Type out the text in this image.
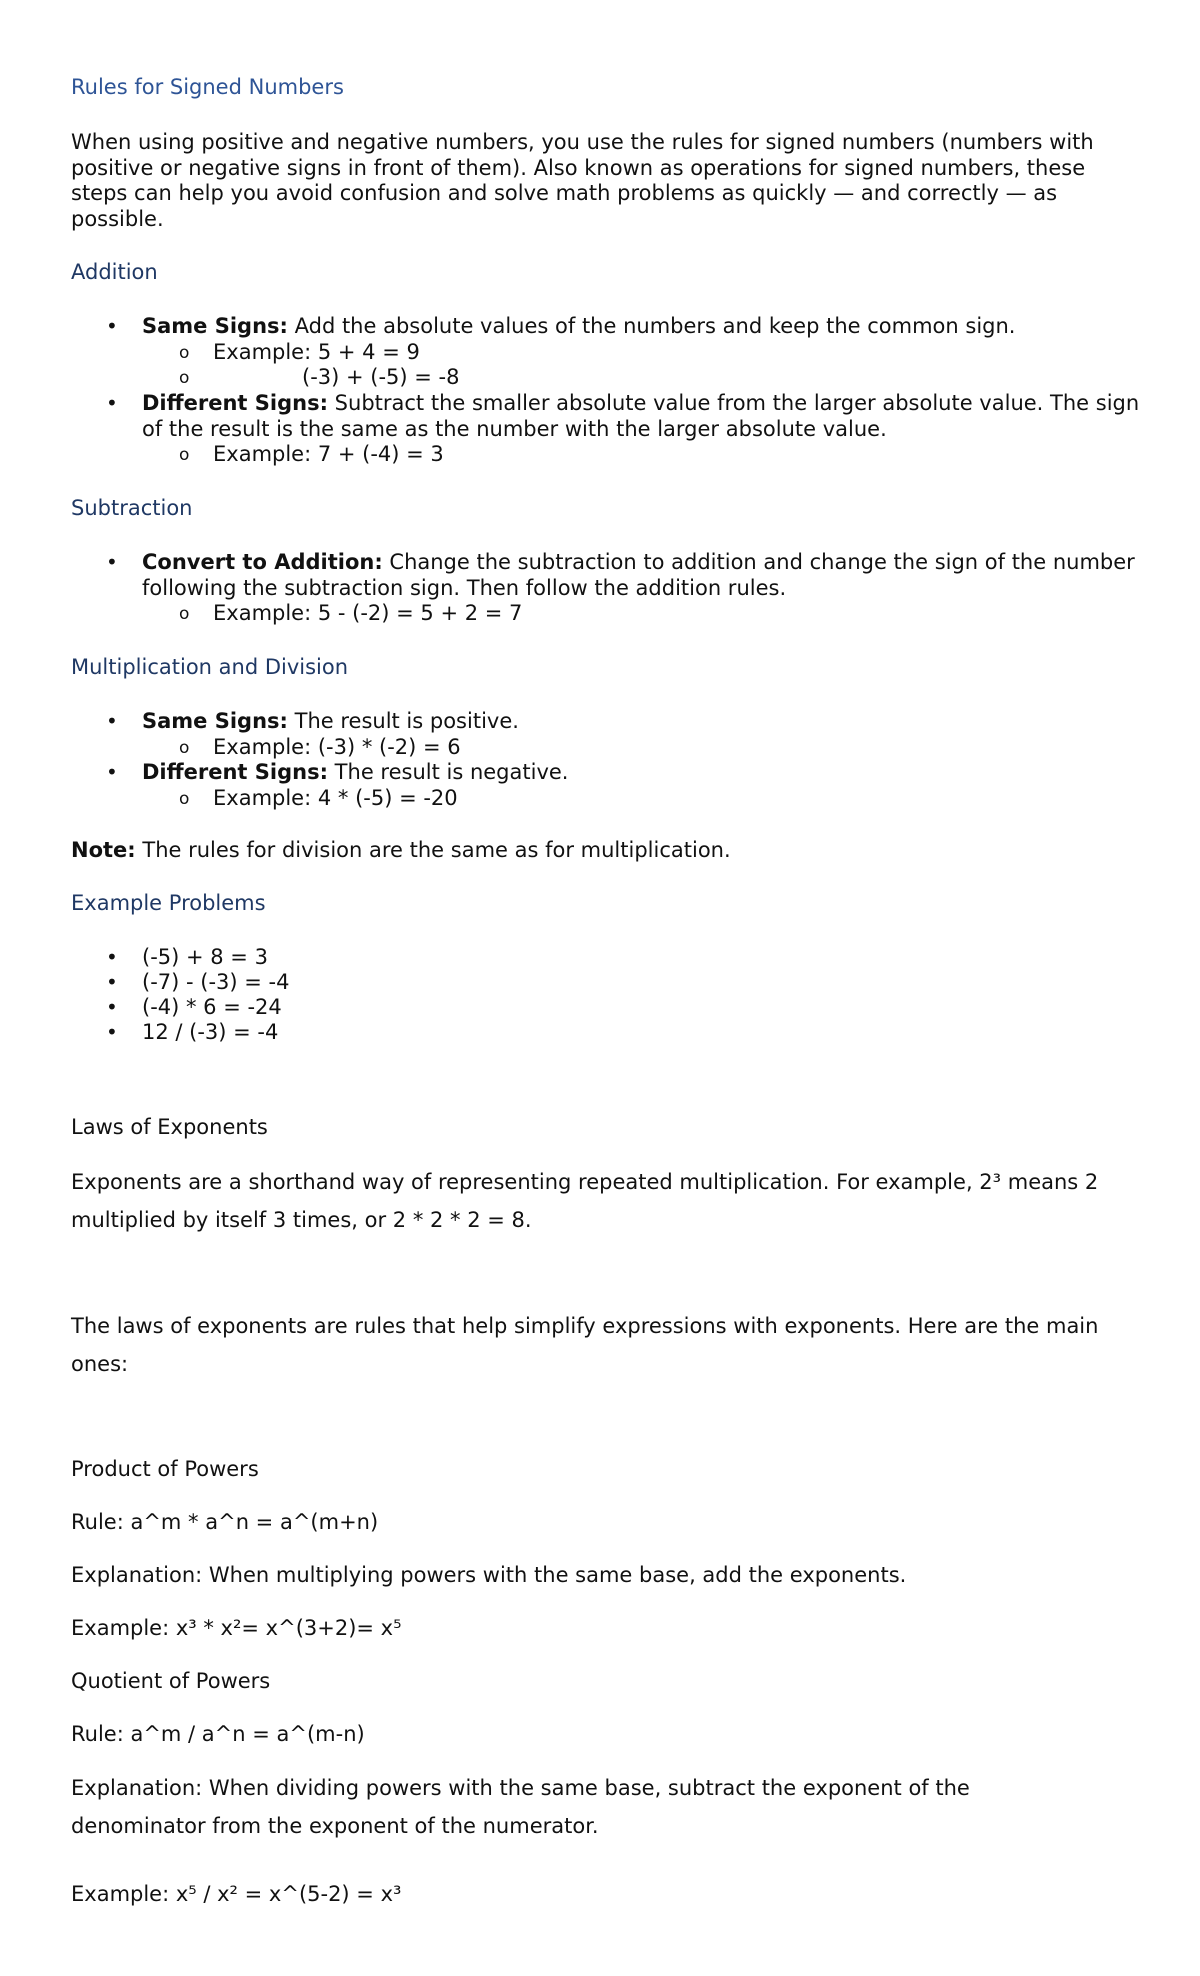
Rules for Signed Numbers
When using positive and negative numbers, you use the rules for signed numbers (numbers with positive or negative signs in front of them). Also known as operations for signed numbers, these steps can help you avoid confusion and solve math problems as quickly — and correctly — as possible.
Addition
• Same Signs: Add the absolute values of the numbers and keep the common sign.
o Example: 5 + 4 = 9
o	(-3) + (-5) = -8
• Different Signs: Subtract the smaller absolute value from the larger absolute value. The sign of the result is the same as the number with the larger absolute value.
o Example: 7 + (-4) = 3
Subtraction
• Convert to Addition: Change the subtraction to addition and change the sign of the number following the subtraction sign. Then follow the addition rules.
o Example: 5 - (-2) = 5 + 2 = 7
Multiplication and Division
• Same Signs: The result is positive.
o Example: (-3) * (-2) = 6
• Different Signs: The result is negative.
o Example: 4 * (-5) = -20
Note: The rules for division are the same as for multiplication.
Example Problems
• (-5) + 8 = 3
• (-7) - (-3) = -4
• (-4) * 6 = -24
• 12 / (-3) = -4
Laws of Exponents
Exponents are a shorthand way of representing repeated multiplication. For example, 2³ means 2 multiplied by itself 3 times, or 2 * 2 * 2 = 8.
The laws of exponents are rules that help simplify expressions with exponents. Here are the main ones:
Product of Powers
Rule: a^m * a^n = a^(m+n)
Explanation: When multiplying powers with the same base, add the exponents.
Example: x³ * x²= x^(3+2)= x⁵
Quotient of Powers
Rule: a^m / a^n = a^(m-n)
Explanation: When dividing powers with the same base, subtract the exponent of the denominator from the exponent of the numerator.
Example: x⁵ / x² = x^(5-2) = x³
